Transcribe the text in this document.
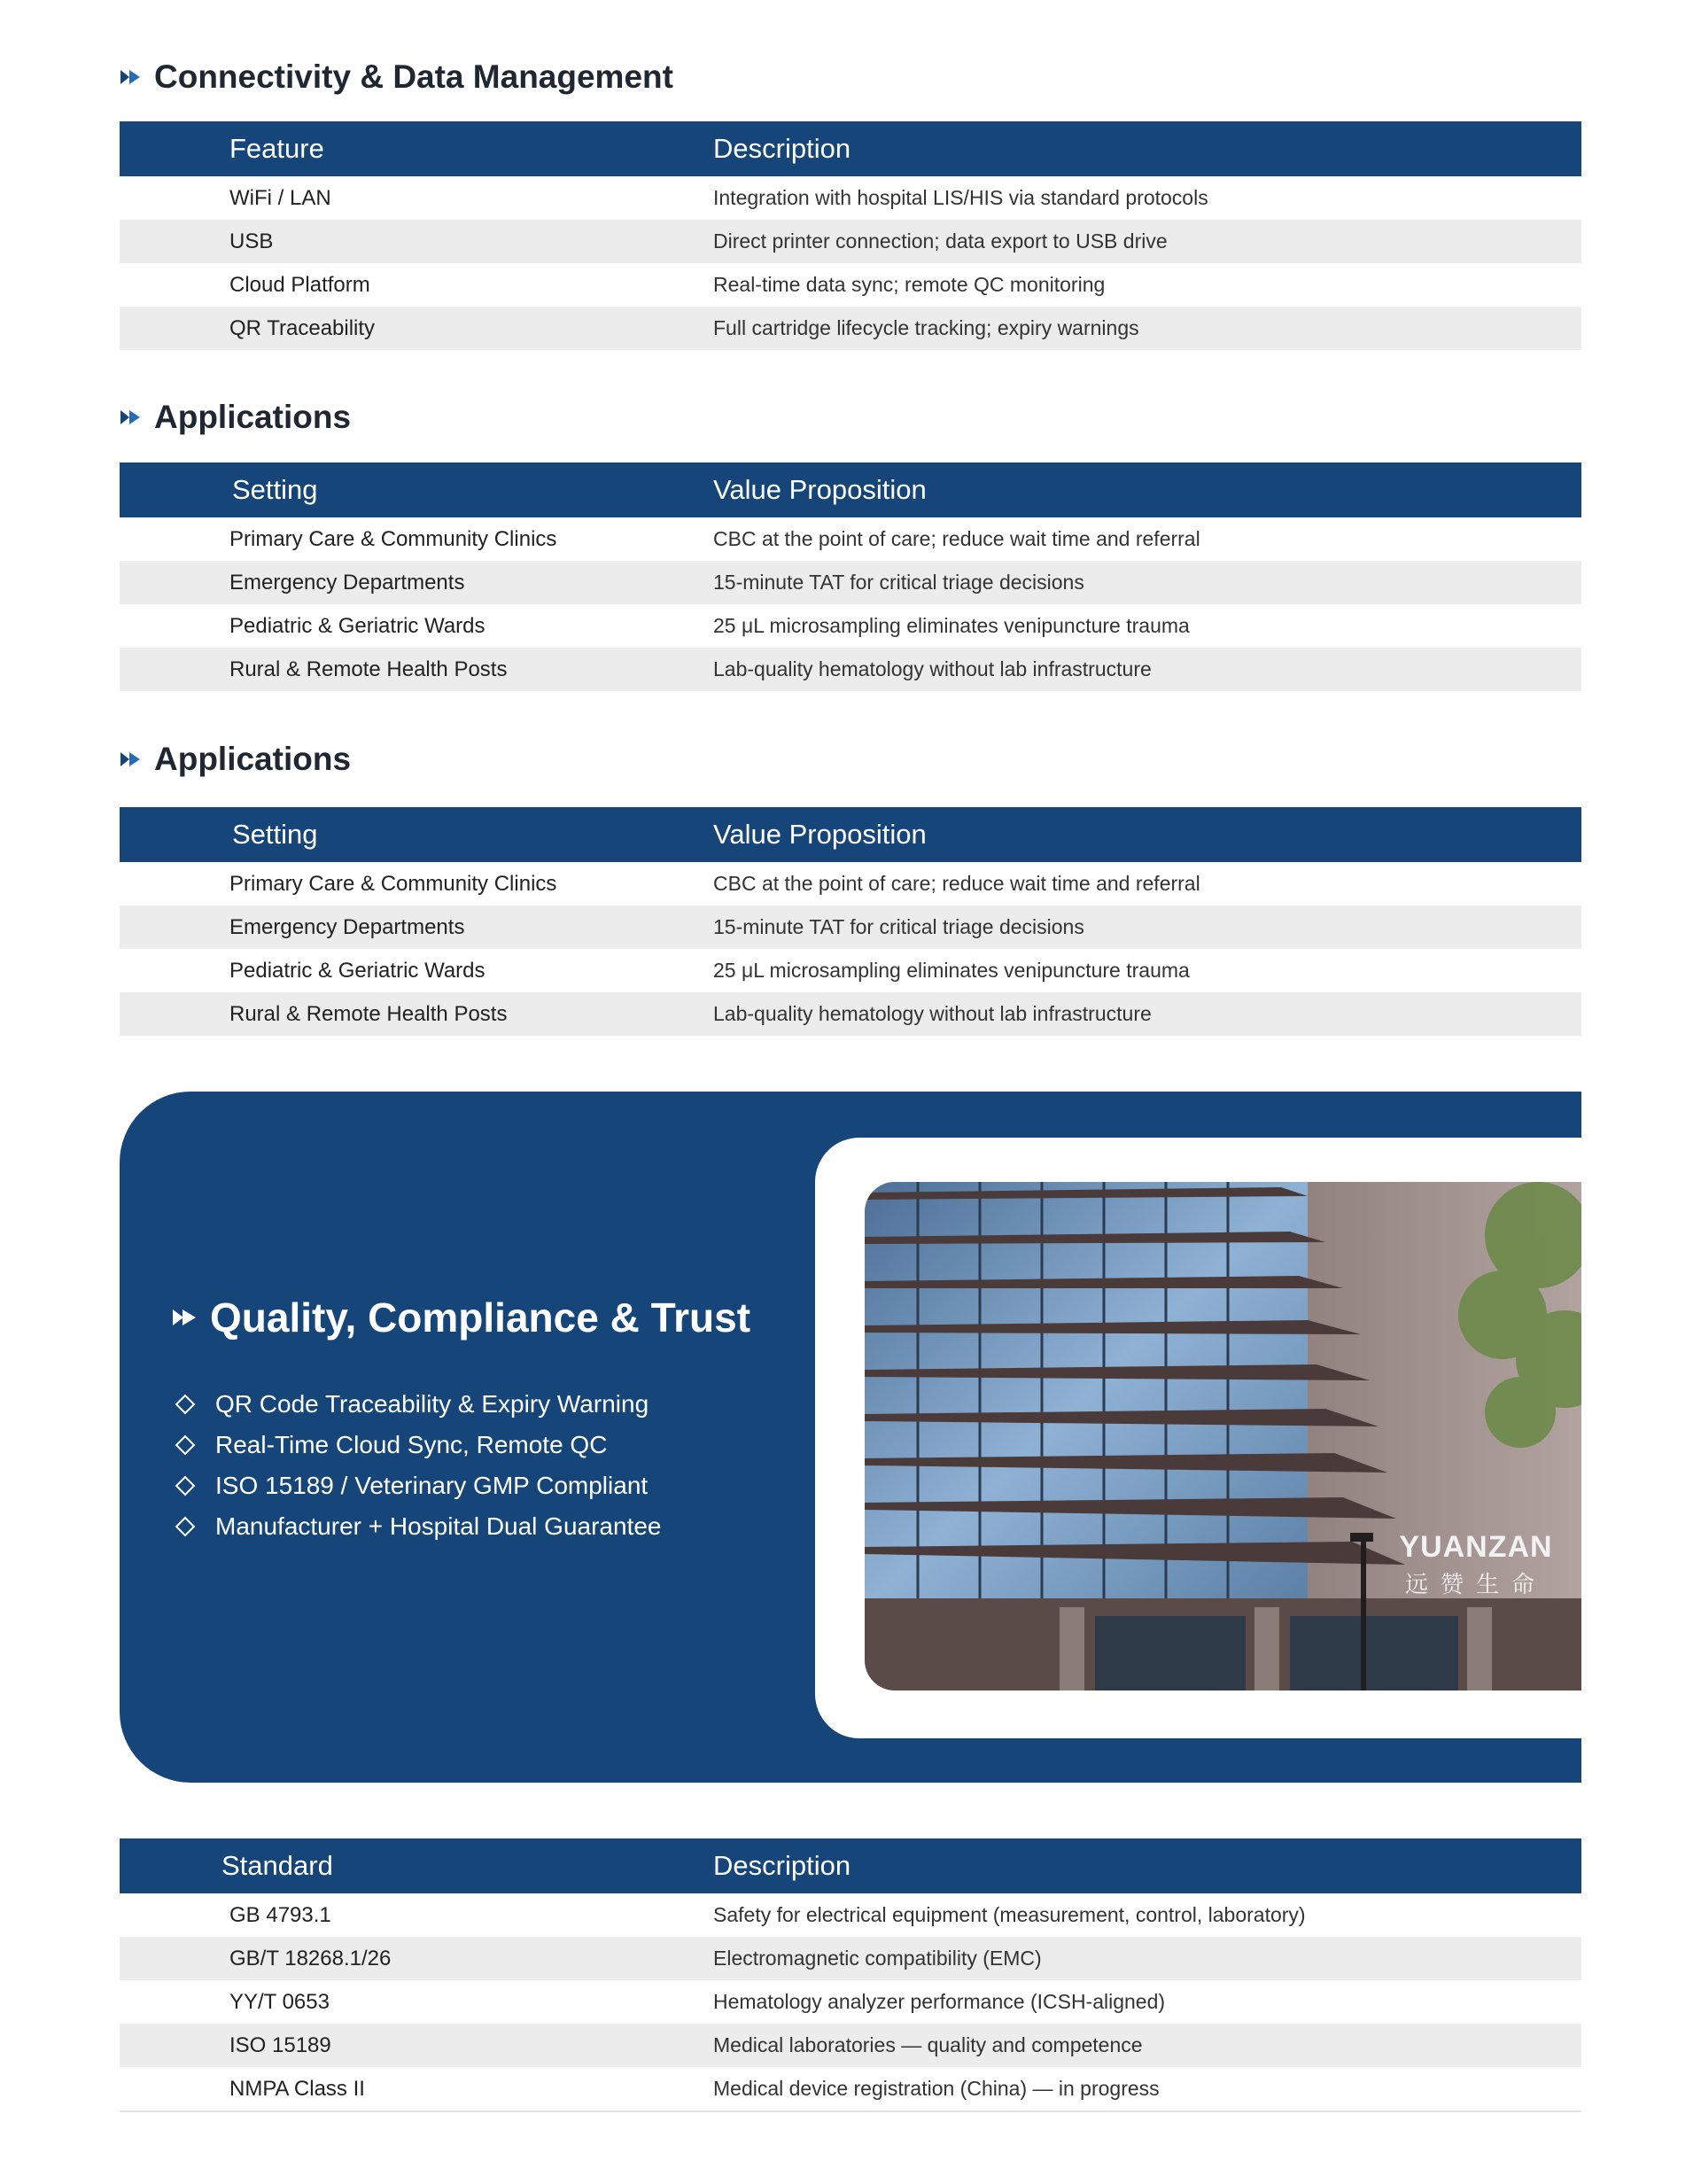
Connectivity & Data Management
Feature	Description
WiFi / LAN	Integration with hospital LIS/HIS via standard protocols
USB	Direct printer connection; data export to USB drive
Cloud Platform	Real-time data sync; remote QC monitoring
QR Traceability	Full cartridge lifecycle tracking; expiry warnings
Applications
Setting	Value Proposition
Primary Care & Community Clinics	CBC at the point of care; reduce wait time and referral
Emergency Departments	15-minute TAT for critical triage decisions
Pediatric & Geriatric Wards	25 μL microsampling eliminates venipuncture trauma
Rural & Remote Health Posts	Lab-quality hematology without lab infrastructure
Applications
Setting	Value Proposition
Primary Care & Community Clinics	CBC at the point of care; reduce wait time and referral
Emergency Departments	15-minute TAT for critical triage decisions
Pediatric & Geriatric Wards	25 μL microsampling eliminates venipuncture trauma
Rural & Remote Health Posts	Lab-quality hematology without lab infrastructure
Quality, Compliance & Trust
QR Code Traceability & Expiry Warning
Real-Time Cloud Sync, Remote QC
ISO 15189 / Veterinary GMP Compliant
Manufacturer + Hospital Dual Guarantee
YUANZAN
远赞生命
Standard	Description
GB 4793.1	Safety for electrical equipment (measurement, control, laboratory)
GB/T 18268.1/26	Electromagnetic compatibility (EMC)
YY/T 0653	Hematology analyzer performance (ICSH-aligned)
ISO 15189	Medical laboratories — quality and competence
NMPA Class II	Medical device registration (China) — in progress
